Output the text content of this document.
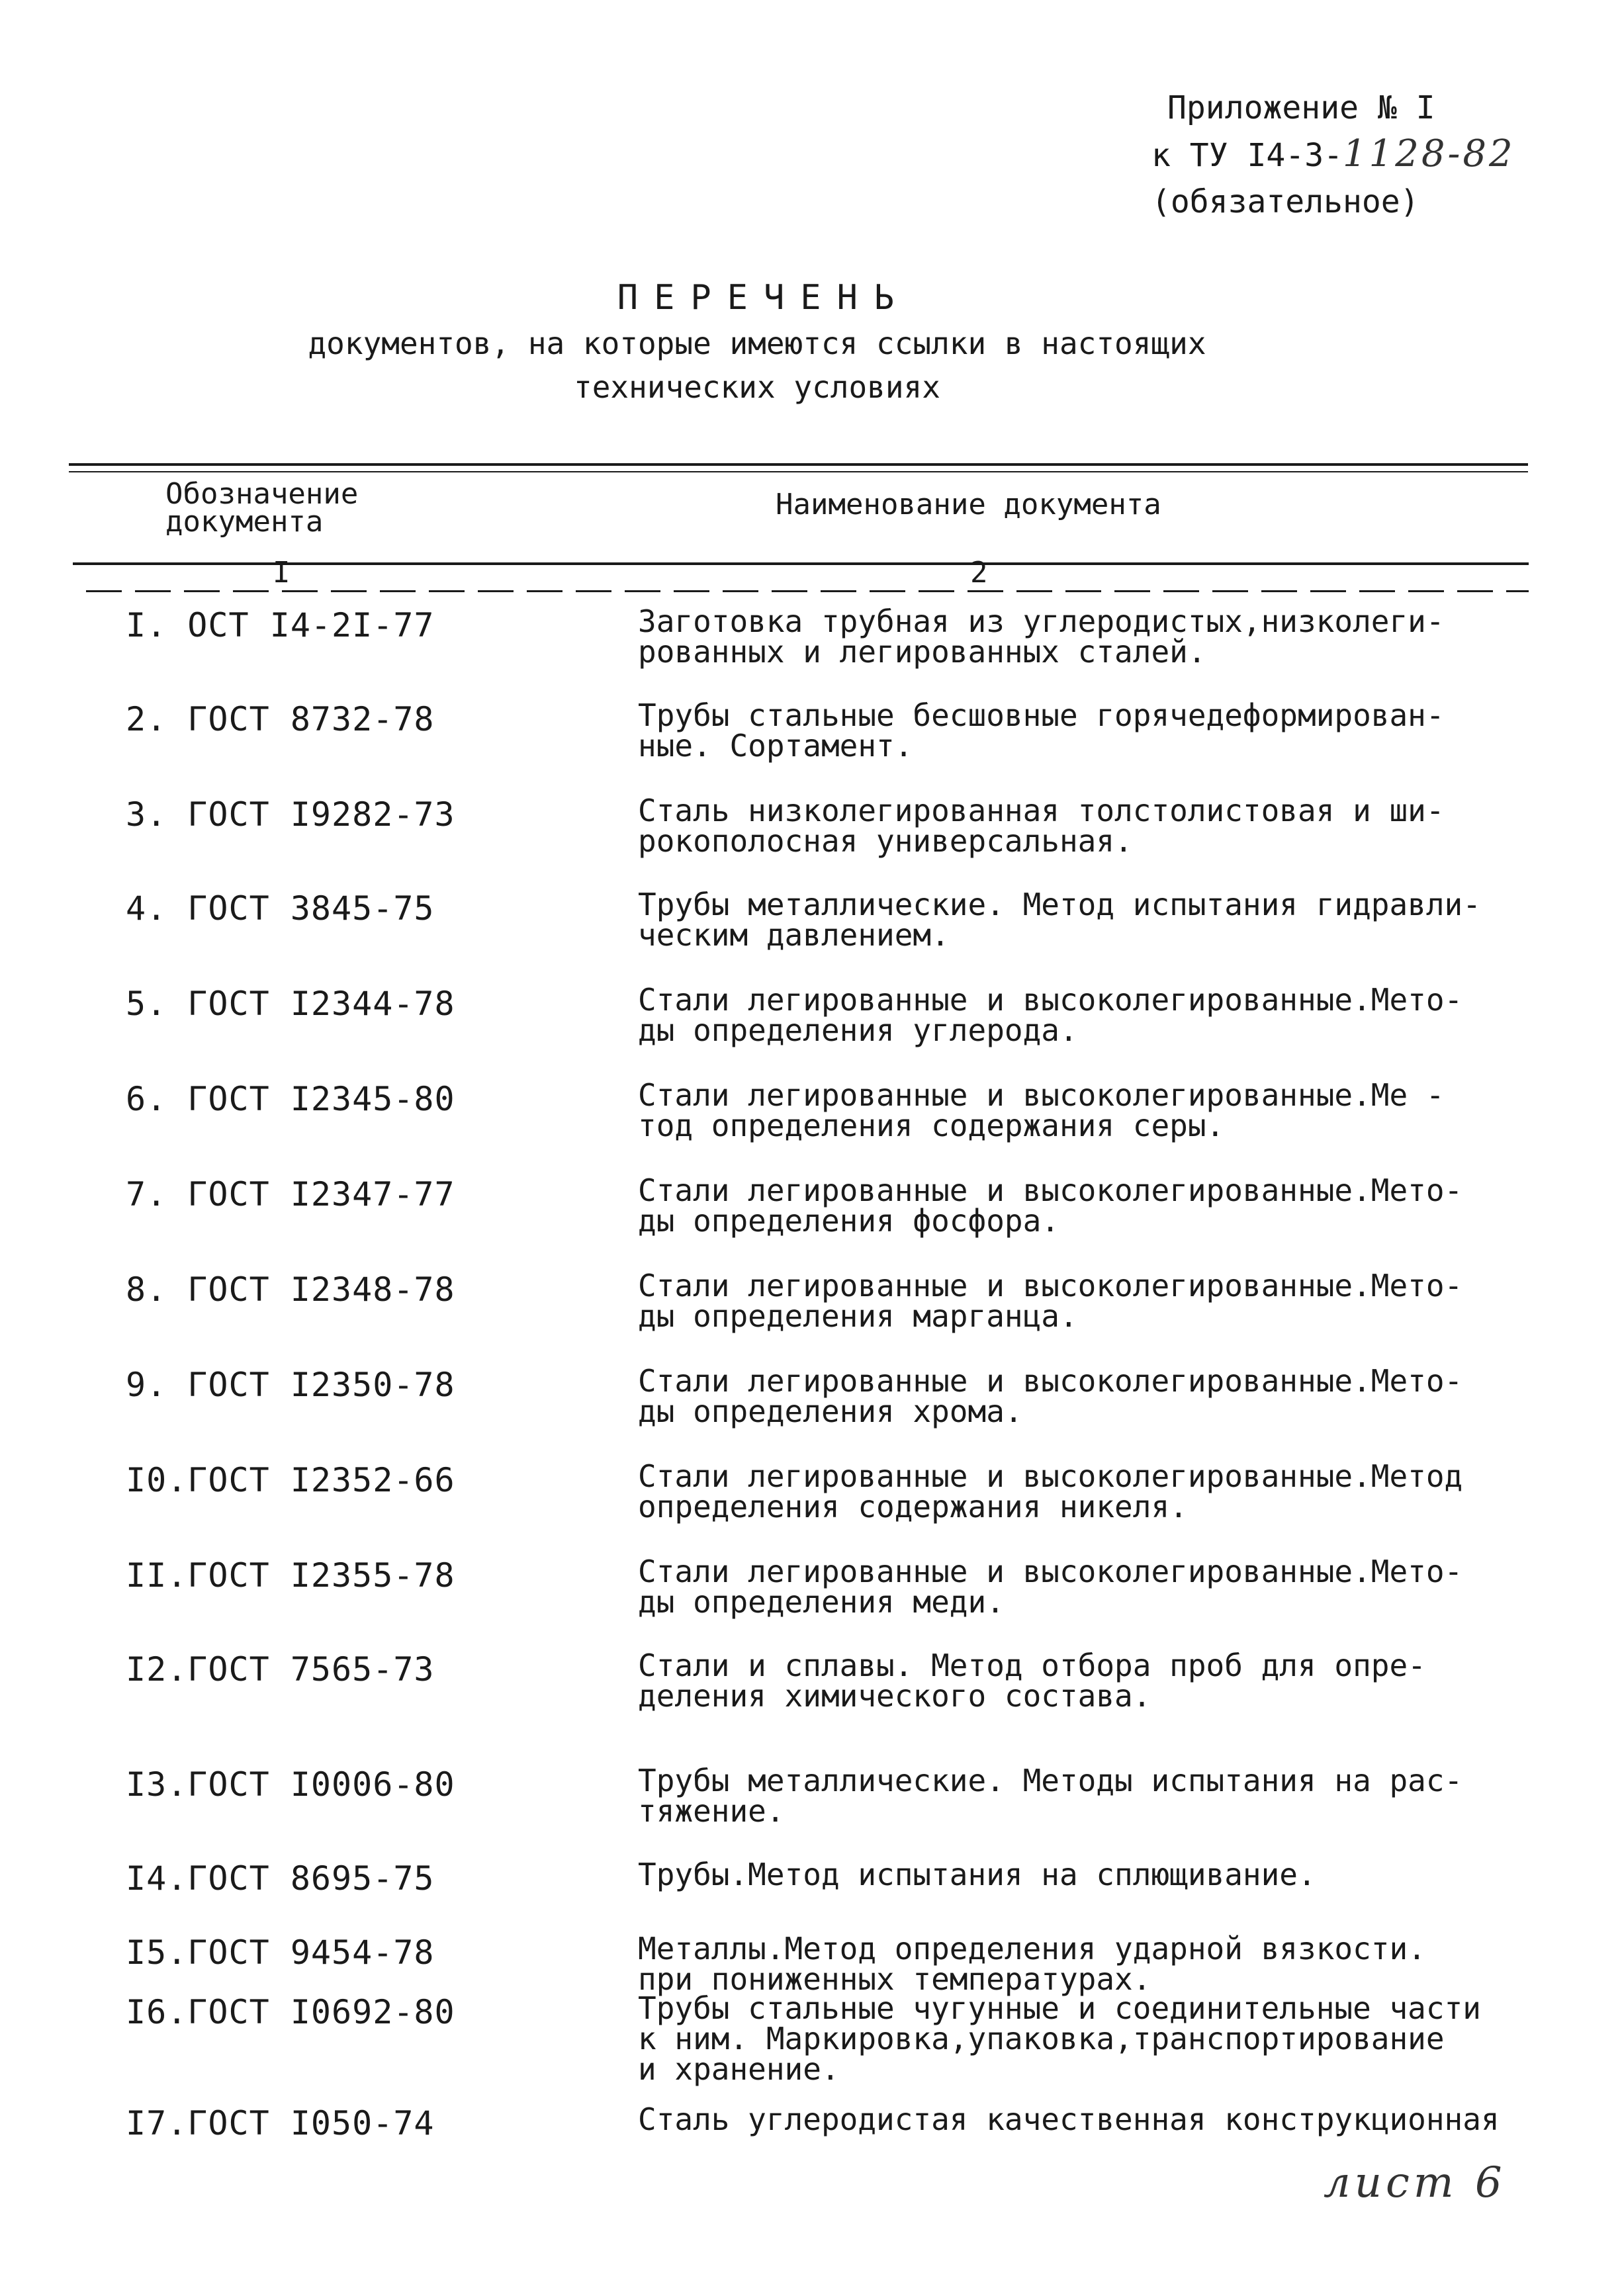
Приложение № I
к ТУ I4-3-1128-82
(обязательное)
ПЕРЕЧЕНЬ
документов, на которые имеются ссылки в настоящих
технических условиях
Обозначение
документа
Наименование документа
I	2
I. ОСТ I4-2I-77	Заготовка трубная из углеродистых,низколеги-
рованных и легированных сталей.
2. ГОСТ 8732-78	Трубы стальные бесшовные горячедеформирован-
ные. Сортамент.
3. ГОСТ I9282-73	Сталь низколегированная толстолистовая и ши-
рокополосная универсальная.
4. ГОСТ 3845-75	Трубы металлические. Метод испытания гидравли-
ческим давлением.
5. ГОСТ I2344-78	Стали легированные и высоколегированные.Мето-
ды определения углерода.
6. ГОСТ I2345-80	Стали легированные и высоколегированные.Ме -
тод определения содержания серы.
7. ГОСТ I2347-77	Стали легированные и высоколегированные.Мето-
ды определения фосфора.
8. ГОСТ I2348-78	Стали легированные и высоколегированные.Мето-
ды определения марганца.
9. ГОСТ I2350-78	Стали легированные и высоколегированные.Мето-
ды определения хрома.
I0.ГОСТ I2352-66	Стали легированные и высоколегированные.Метод
определения содержания никеля.
II.ГОСТ I2355-78	Стали легированные и высоколегированные.Мето-
ды определения меди.
I2.ГОСТ 7565-73	Стали и сплавы. Метод отбора проб для опре-
деления химического состава.
I3.ГОСТ I0006-80	Трубы металлические. Методы испытания на рас-
тяжение.
I4.ГОСТ 8695-75	Трубы.Метод испытания на сплющивание.
I5.ГОСТ 9454-78	Металлы.Метод определения ударной вязкости.
при пониженных температурах.
I6.ГОСТ I0692-80	Трубы стальные чугунные и соединительные части
к ним. Маркировка,упаковка,транспортирование
и хранение.
I7.ГОСТ I050-74	Сталь углеродистая качественная конструкционная
лист 6
